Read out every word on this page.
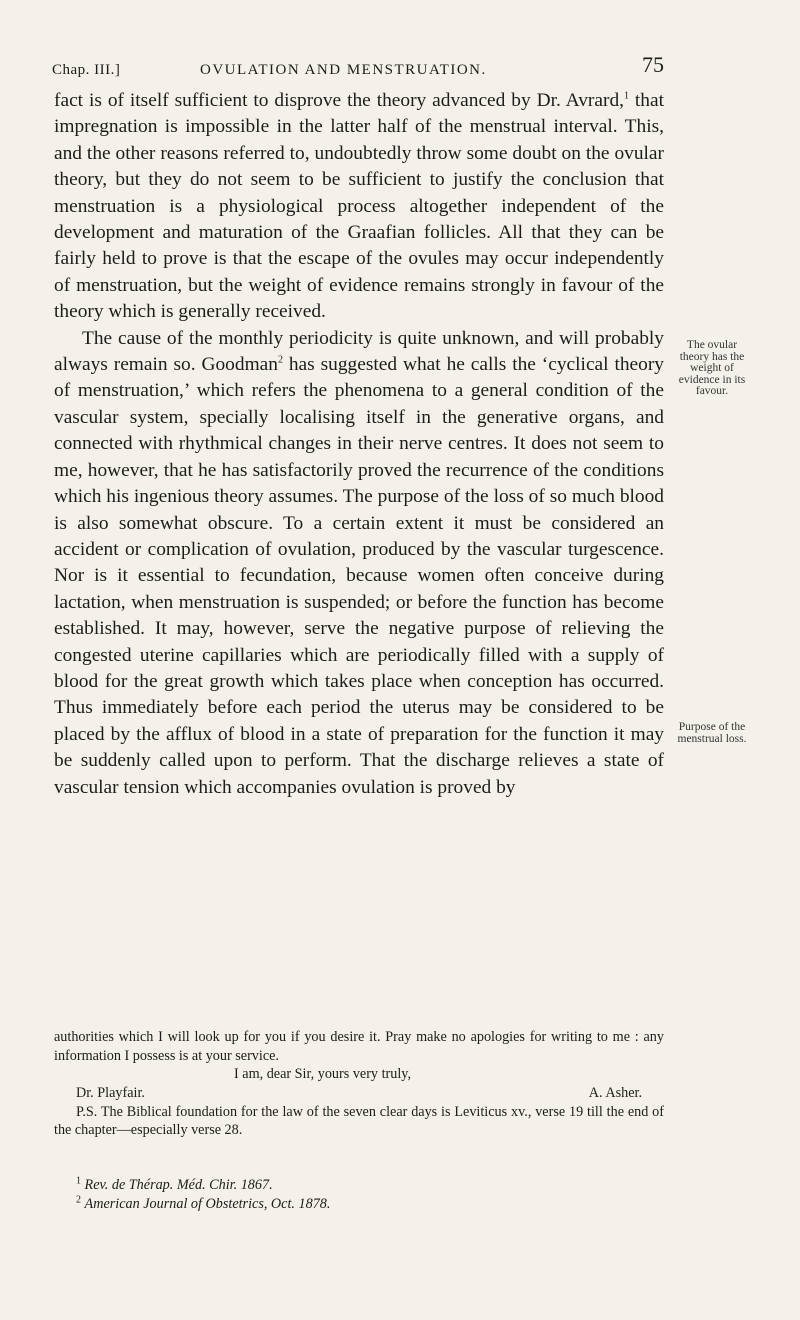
Chap. III.]	OVULATION AND MENSTRUATION.	75

fact is of itself sufficient to disprove the theory advanced by Dr. Avrard,$^1$ that impregnation is impossible in the latter half of the menstrual interval. This, and the other reasons referred to, undoubtedly throw some doubt on the ovular theory, but they do not seem to be sufficient to justify the conclusion that menstruation is a physiological process altogether independent of the development and maturation of the Graafian follicles. All that they can be fairly held to prove is that the escape of the ovules may occur independently of menstruation, but the weight of evidence remains strongly in favour of the theory which is generally received.

The cause of the monthly periodicity is quite unknown, and will probably always remain so. Goodman$^2$ has suggested what he calls the ‘cyclical theory of menstruation,’ which refers the phenomena to a general condition of the vascular system, specially localising itself in the generative organs, and connected with rhythmical changes in their nerve centres. It does not seem to me, however, that he has satisfactorily proved the recurrence of the conditions which his ingenious theory assumes. The purpose of the loss of so much blood is also somewhat obscure. To a certain extent it must be considered an accident or complication of ovulation, produced by the vascular turgescence. Nor is it essential to fecundation, because women often conceive during lactation, when menstruation is suspended; or before the function has become established. It may, however, serve the negative purpose of relieving the congested uterine capillaries which are periodically filled with a supply of blood for the great growth which takes place when conception has occurred. Thus immediately before each period the uterus may be considered to be placed by the afflux of blood in a state of preparation for the function it may be suddenly called upon to perform. That the discharge relieves a state of vascular tension which accompanies ovulation is proved by

The ovular theory has the weight of evidence in its favour.
Purpose of the menstrual loss.

authorities which I will look up for you if you desire it. Pray make no apologies for writing to me : any information I possess is at your service.

I am, dear Sir, yours very truly,

Dr. Playfair.	A. Asher.

P.S. The Biblical foundation for the law of the seven clear days is Leviticus xv., verse 19 till the end of the chapter—especially verse 28.

$^1$ Rev. de Thérap. Méd. Chir. 1867.

$^2$ American Journal of Obstetrics, Oct. 1878.
